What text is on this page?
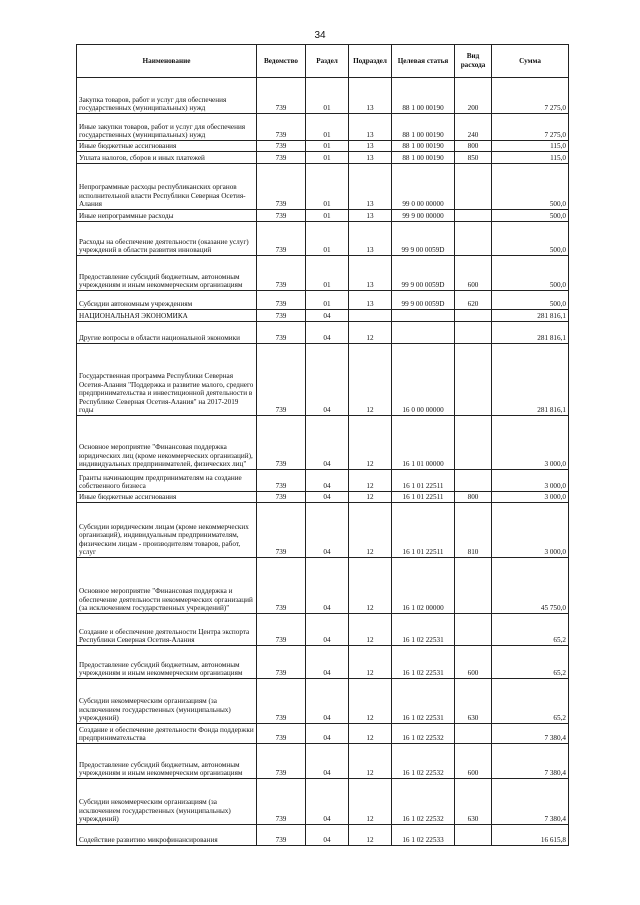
34
Наименование	Ведомство	Раздел	Подраздел	Целевая статья	Вид расхода	Сумма
Закупка товаров, работ и услуг для обеспечения государственных (муниципальных) нужд	739	01	13	88 1 00 00190	200	7 275,0
Иные закупки товаров, работ и услуг для обеспечения государственных (муниципальных) нужд	739	01	13	88 1 00 00190	240	7 275,0
Иные бюджетные ассигнования	739	01	13	88 1 00 00190	800	115,0
Уплата налогов, сборов и иных платежей	739	01	13	88 1 00 00190	850	115,0
Непрограммные расходы республиканских органов исполнительной власти Республики Северная Осетия-Алания	739	01	13	99 0 00 00000		500,0
Иные непрограммные расходы	739	01	13	99 9 00 00000		500,0
Расходы на обеспечение деятельности (оказание услуг) учреждений в области развития инноваций	739	01	13	99 9 00 0059D		500,0
Предоставление субсидий бюджетным, автономным учреждениям и иным некоммерческим организациям	739	01	13	99 9 00 0059D	600	500,0
Субсидии автономным учреждениям	739	01	13	99 9 00 0059D	620	500,0
НАЦИОНАЛЬНАЯ ЭКОНОМИКА	739	04				281 816,1
Другие вопросы в области национальной экономики	739	04	12			281 816,1
Государственная программа Республики Северная Осетия-Алания "Поддержка и развитие малого, среднего предпринимательства и инвестиционной деятельности в Республике Северная Осетия-Алания" на 2017-2019 годы	739	04	12	16 0 00 00000		281 816,1
Основное мероприятие "Финансовая поддержка юридических лиц (кроме некоммерческих организаций), индивидуальных предпринимателей, физических лиц"	739	04	12	16 1 01 00000		3 000,0
Гранты начинающим предпринимателям на создание собственного бизнеса	739	04	12	16 1 01 22511		3 000,0
Иные бюджетные ассигнования	739	04	12	16 1 01 22511	800	3 000,0
Субсидии юридическим лицам (кроме некоммерческих организаций), индивидуальным предпринимателям, физическим лицам - производителям товаров, работ, услуг	739	04	12	16 1 01 22511	810	3 000,0
Основное мероприятие "Финансовая поддержка и обеспечение деятельности некоммерческих организаций (за исключением государственных учреждений)"	739	04	12	16 1 02 00000		45 750,0
Создание и обеспечение деятельности Центра экспорта Республики Северная Осетия-Алания	739	04	12	16 1 02 22531		65,2
Предоставление субсидий бюджетным, автономным учреждениям и иным некоммерческим организациям	739	04	12	16 1 02 22531	600	65,2
Субсидии некоммерческим организациям (за исключением государственных (муниципальных) учреждений)	739	04	12	16 1 02 22531	630	65,2
Создание и обеспечение деятельности Фонда поддержки предпринимательства	739	04	12	16 1 02 22532		7 380,4
Предоставление субсидий бюджетным, автономным учреждениям и иным некоммерческим организациям	739	04	12	16 1 02 22532	600	7 380,4
Субсидии некоммерческим организациям (за исключением государственных (муниципальных) учреждений)	739	04	12	16 1 02 22532	630	7 380,4
Содействие развитию микрофинансирования	739	04	12	16 1 02 22533		16 615,8
